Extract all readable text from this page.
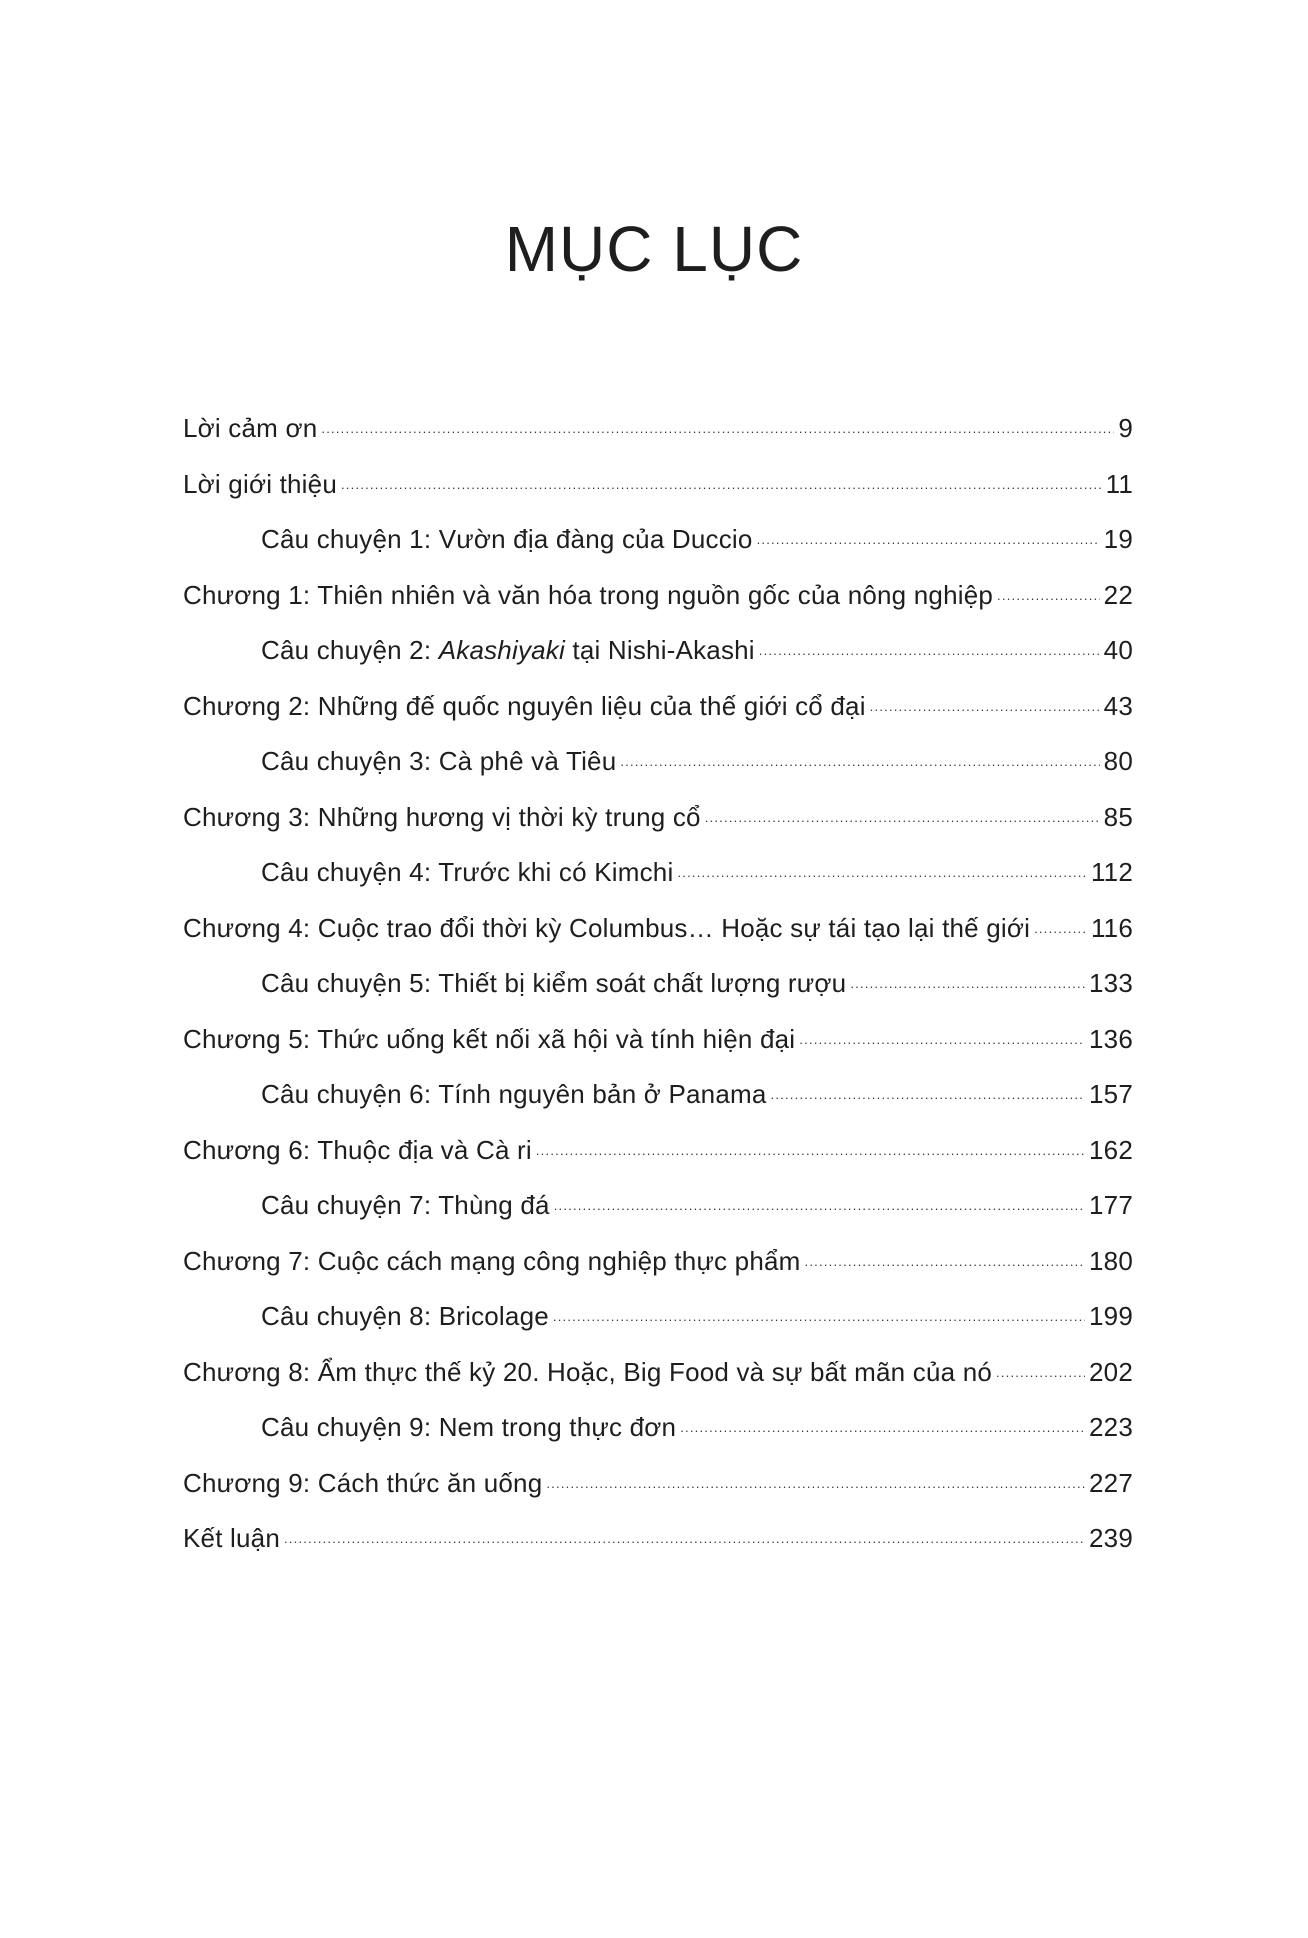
MỤC LỤC
Lời cảm ơn . . .	9
Lời giới thiệu . . .	11
Câu chuyện 1: Vườn địa đàng của Duccio . . .	19
Chương 1: Thiên nhiên và văn hóa trong nguồn gốc của nông nghiệp . . .	22
Câu chuyện 2: Akashiyaki tại Nishi-Akashi . . .	40
Chương 2: Những đế quốc nguyên liệu của thế giới cổ đại . . .	43
Câu chuyện 3: Cà phê và Tiêu . . .	80
Chương 3: Những hương vị thời kỳ trung cổ . . .	85
Câu chuyện 4: Trước khi có Kimchi . . .	112
Chương 4: Cuộc trao đổi thời kỳ Columbus… Hoặc sự tái tạo lại thế giới . . . 116
Câu chuyện 5: Thiết bị kiểm soát chất lượng rượu . . .	133
Chương 5: Thức uống kết nối xã hội và tính hiện đại . . .	136
Câu chuyện 6: Tính nguyên bản ở Panama . . .	157
Chương 6: Thuộc địa và Cà ri . . .	162
Câu chuyện 7: Thùng đá . . .	177
Chương 7: Cuộc cách mạng công nghiệp thực phẩm . . .	180
Câu chuyện 8: Bricolage . . .	199
Chương 8: Ẩm thực thế kỷ 20. Hoặc, Big Food và sự bất mãn của nó . . .	202
Câu chuyện 9: Nem trong thực đơn . . .	223
Chương 9: Cách thức ăn uống . . .	227
Kết luận . . .	239
